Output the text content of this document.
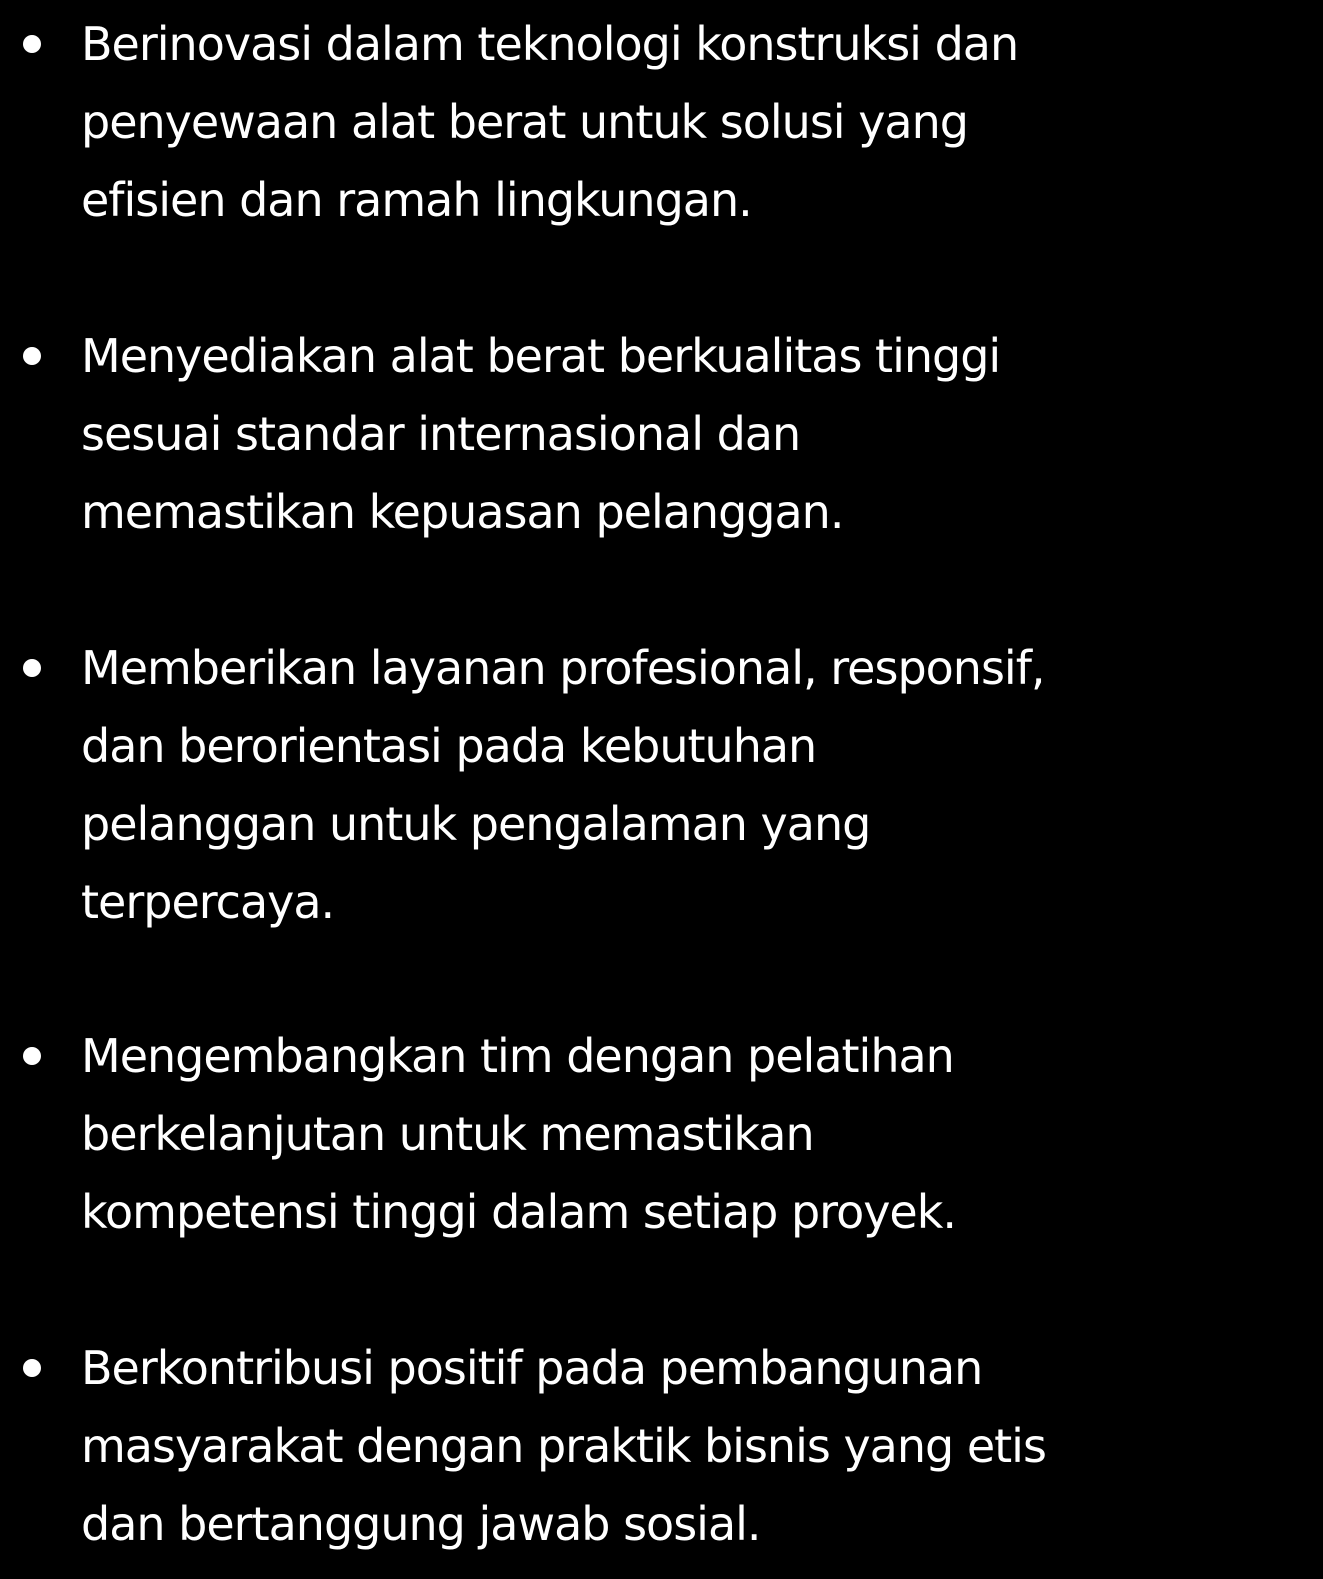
Berinovasi dalam teknologi konstruksi dan
penyewaan alat berat untuk solusi yang
efisien dan ramah lingkungan.
Menyediakan alat berat berkualitas tinggi
sesuai standar internasional dan
memastikan kepuasan pelanggan.
Memberikan layanan profesional, responsif,
dan berorientasi pada kebutuhan
pelanggan untuk pengalaman yang
terpercaya.
Mengembangkan tim dengan pelatihan
berkelanjutan untuk memastikan
kompetensi tinggi dalam setiap proyek.
Berkontribusi positif pada pembangunan
masyarakat dengan praktik bisnis yang etis
dan bertanggung jawab sosial.
